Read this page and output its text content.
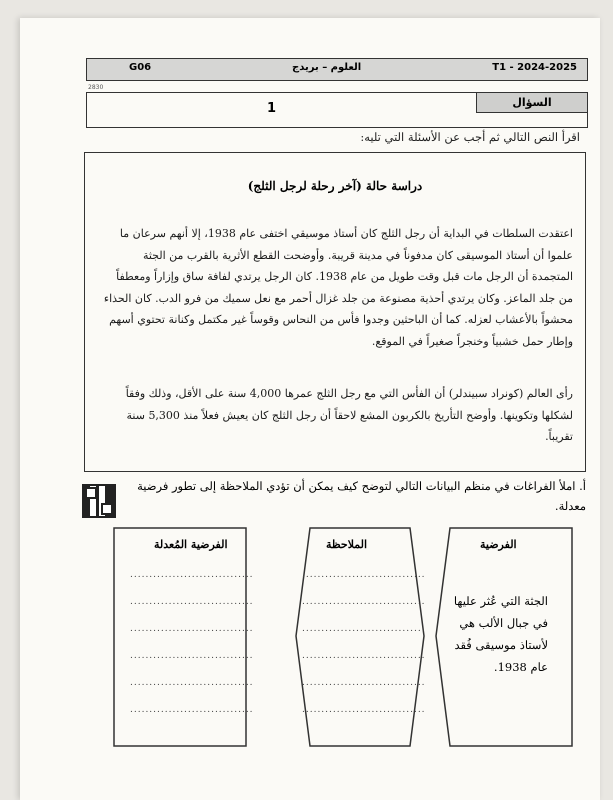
G06	العلوم – بريدج	T1 - 2024-2025
2830
السؤال
1
اقرأ النص التالي ثم أجب عن الأسئلة التي تليه:
دراسة حالة (آخر رحلة لرجل الثلج)
اعتقدت السلطات في البداية أن رجل الثلج كان أستاذ موسيقي اختفى عام 1938، إلا أنهم سرعان ما علموا أن أستاذ الموسيقى كان مدفوناً في مدينة قريبة. وأوضحت القطع الأثرية بالقرب من الجثة المتجمدة أن الرجل مات قبل وقت طويل من عام 1938. كان الرجل يرتدي لفافة ساق وإزاراً ومعطفاً من جلد الماعز. وكان يرتدي أحذية مصنوعة من جلد غزال أحمر مع نعل سميك من فرو الدب. كان الحذاء محشواً بالأعشاب لعزله. كما أن الباحثين وجدوا فأس من النحاس وقوساً غير مكتمل وكنانة تحتوي أسهم وإطار حمل خشبياً وخنجراً صغيراً في الموقع.
رأى العالم (كونراد سبيندلر) أن الفأس التي مع رجل الثلج عمرها 4,000 سنة على الأقل، وذلك وفقاً لشكلها وتكوينها. وأوضح التأريخ بالكربون المشع لاحقاً أن رجل الثلج كان يعيش فعلاً منذ 5,300 سنة تقريباً.
أ. املأ الفراغات في منظم البيانات التالي لتوضح كيف يمكن أن تؤدي الملاحظة إلى تطور فرضية معدلة.
الفرضية المُعدلة	الملاحظة	الفرضية
................................
................................
................................
................................
................................
................................
................................
................................
................................
................................
................................
................................
الجثة التي عُثر عليها في جبال الألب هي لأستاذ موسيقى فُقد عام 1938.
